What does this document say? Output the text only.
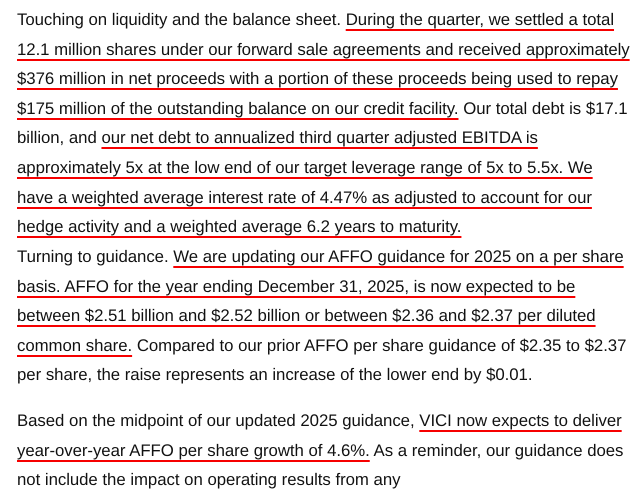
Touching on liquidity and the balance sheet. During the quarter, we settled a total 12.1 million shares under our forward sale agreements and received approximately $376 million in net proceeds with a portion of these proceeds being used to repay $175 million of the outstanding balance on our credit facility. Our total debt is $17.1 billion, and our net debt to annualized third quarter adjusted EBITDA is approximately 5x at the low end of our target leverage range of 5x to 5.5x. We have a weighted average interest rate of 4.47% as adjusted to account for our hedge activity and a weighted average 6.2 years to maturity.

Turning to guidance. We are updating our AFFO guidance for 2025 on a per share basis. AFFO for the year ending December 31, 2025, is now expected to be between $2.51 billion and $2.52 billion or between $2.36 and $2.37 per diluted common share. Compared to our prior AFFO per share guidance of $2.35 to $2.37 per share, the raise represents an increase of the lower end by $0.01.

Based on the midpoint of our updated 2025 guidance, VICI now expects to deliver year-over-year AFFO per share growth of 4.6%. As a reminder, our guidance does not include the impact on operating results from any
